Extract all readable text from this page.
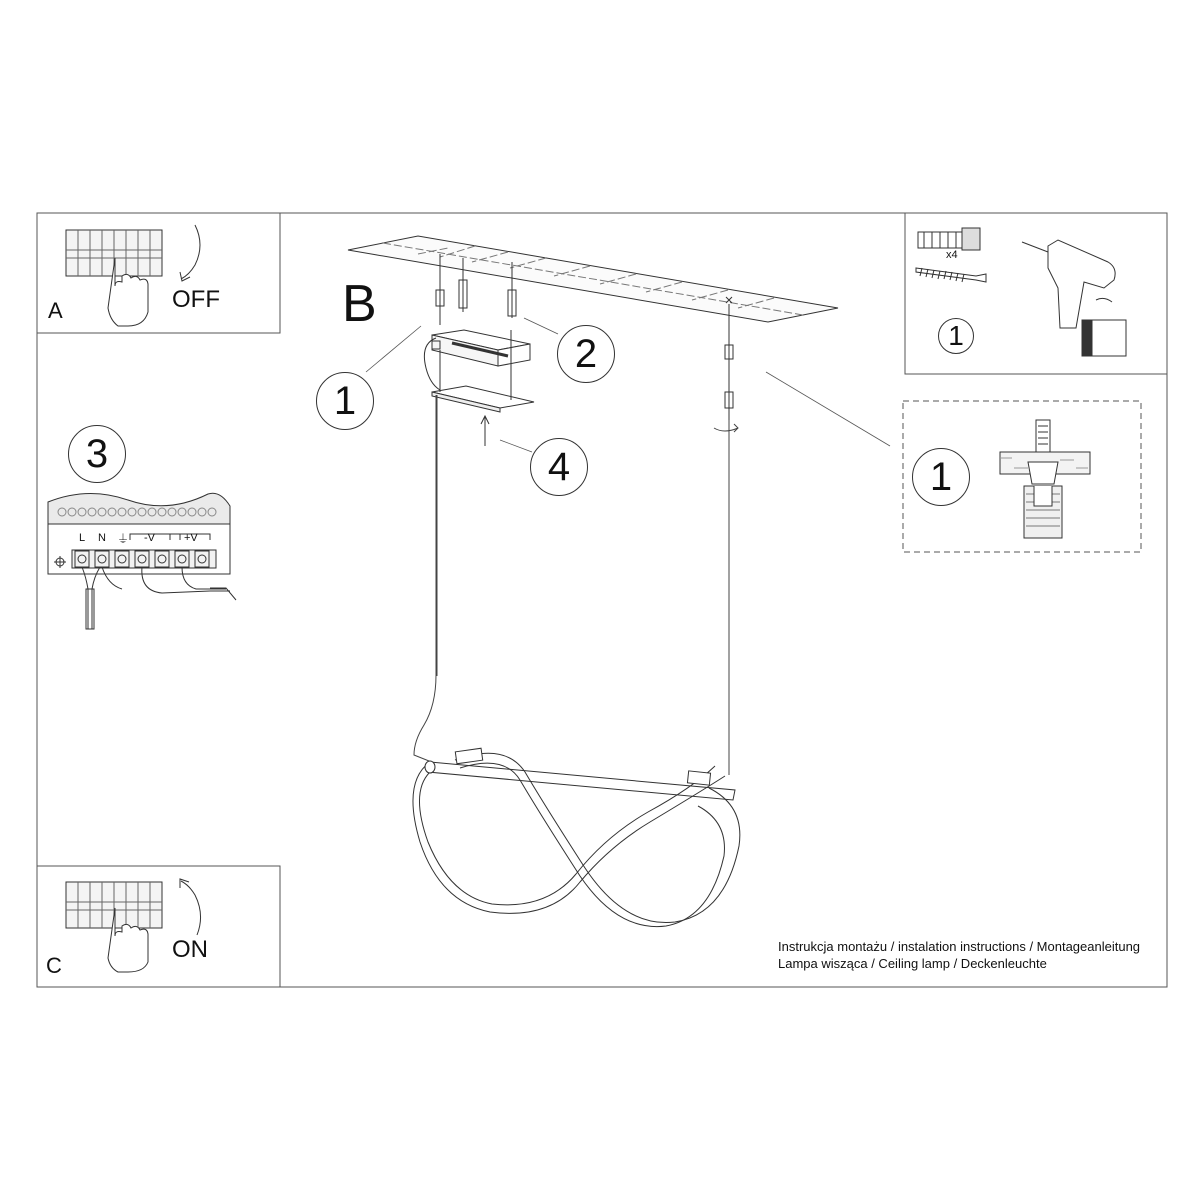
A	OFF
C
ON
B
1
2
3	4
1
1
x4
L N ⏚ -V	+V
Instrukcja montażu / instalation instructions / Montageanleitung
Lampa wisząca / Ceiling lamp / Deckenleuchte
